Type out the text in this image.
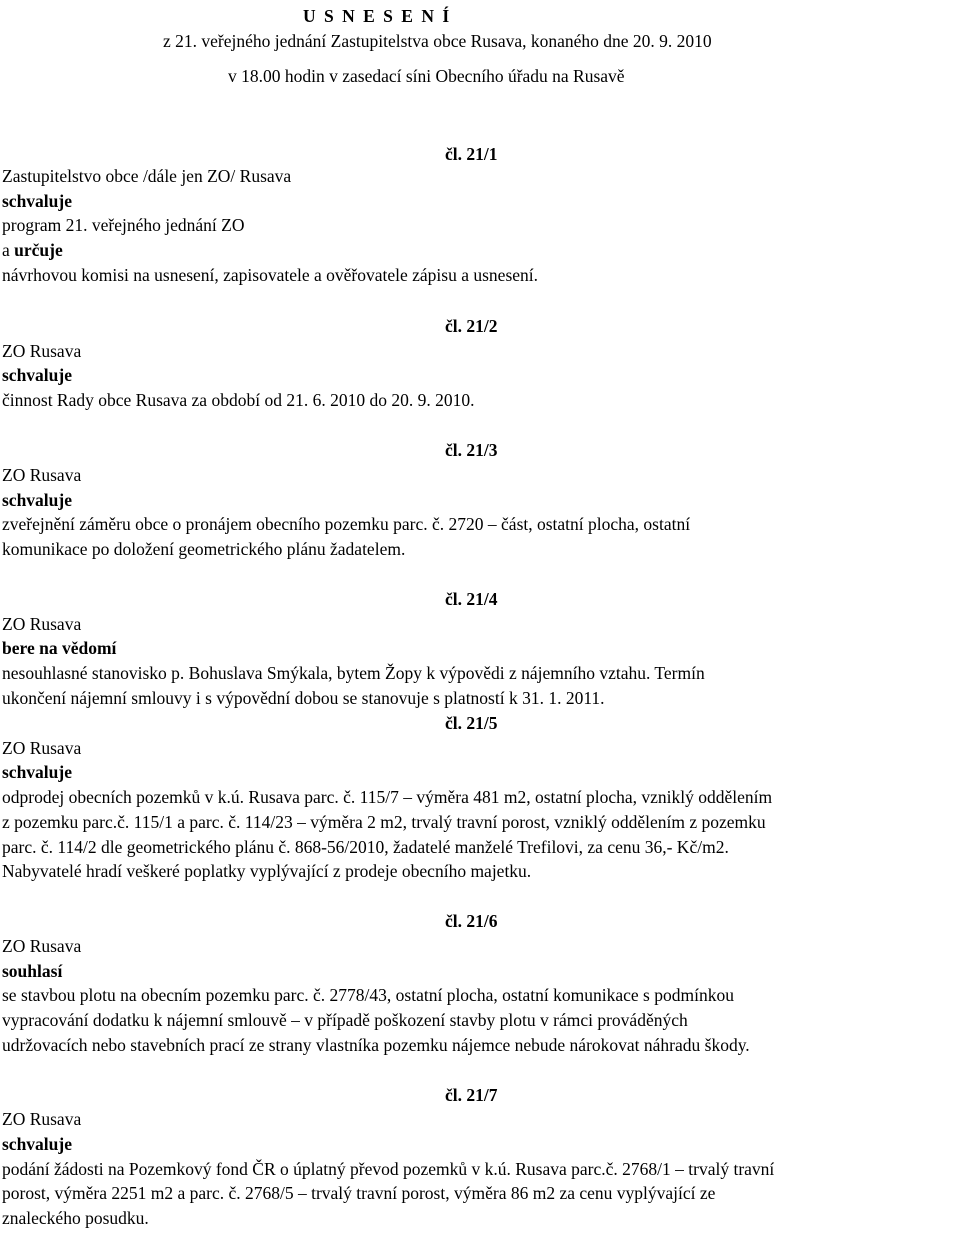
U S N E S E N Í
z 21. veřejného jednání Zastupitelstva obce Rusava, konaného dne 20. 9. 2010
v 18.00 hodin v zasedací síni Obecního úřadu na Rusavě
čl. 21/1
Zastupitelstvo obce /dále jen ZO/ Rusava
schvaluje
program 21. veřejného jednání ZO
a určuje
návrhovou komisi na usnesení, zapisovatele a ověřovatele zápisu a usnesení.
čl. 21/2
ZO Rusava
schvaluje
činnost Rady obce Rusava za období od 21. 6. 2010 do 20. 9. 2010.
čl. 21/3
ZO Rusava
schvaluje
zveřejnění záměru obce o pronájem obecního pozemku parc. č. 2720 – část, ostatní plocha, ostatní
komunikace po doložení geometrického plánu žadatelem.
čl. 21/4
ZO Rusava
bere na vědomí
nesouhlasné stanovisko p. Bohuslava Smýkala, bytem Žopy k výpovědi z nájemního vztahu. Termín
ukončení nájemní smlouvy i s výpovědní dobou se stanovuje s platností k 31. 1. 2011.
čl. 21/5
ZO Rusava
schvaluje
odprodej obecních pozemků v k.ú. Rusava parc. č. 115/7 – výměra 481 m2, ostatní plocha, vzniklý oddělením
z pozemku parc.č. 115/1 a parc. č. 114/23 – výměra 2 m2, trvalý travní porost, vzniklý oddělením z pozemku
parc. č. 114/2 dle geometrického plánu č. 868-56/2010, žadatelé manželé Trefilovi, za cenu 36,- Kč/m2.
Nabyvatelé hradí veškeré poplatky vyplývající z prodeje obecního majetku.
čl. 21/6
ZO Rusava
souhlasí
se stavbou plotu na obecním pozemku parc. č. 2778/43, ostatní plocha, ostatní komunikace s podmínkou
vypracování dodatku k nájemní smlouvě – v případě poškození stavby plotu v rámci prováděných
udržovacích nebo stavebních prací ze strany vlastníka pozemku nájemce nebude nárokovat náhradu škody.
čl. 21/7
ZO Rusava
schvaluje
podání žádosti na Pozemkový fond ČR o úplatný převod pozemků v k.ú. Rusava parc.č. 2768/1 – trvalý travní
porost, výměra 2251 m2 a parc. č. 2768/5 – trvalý travní porost, výměra 86 m2 za cenu vyplývající ze
znaleckého posudku.
